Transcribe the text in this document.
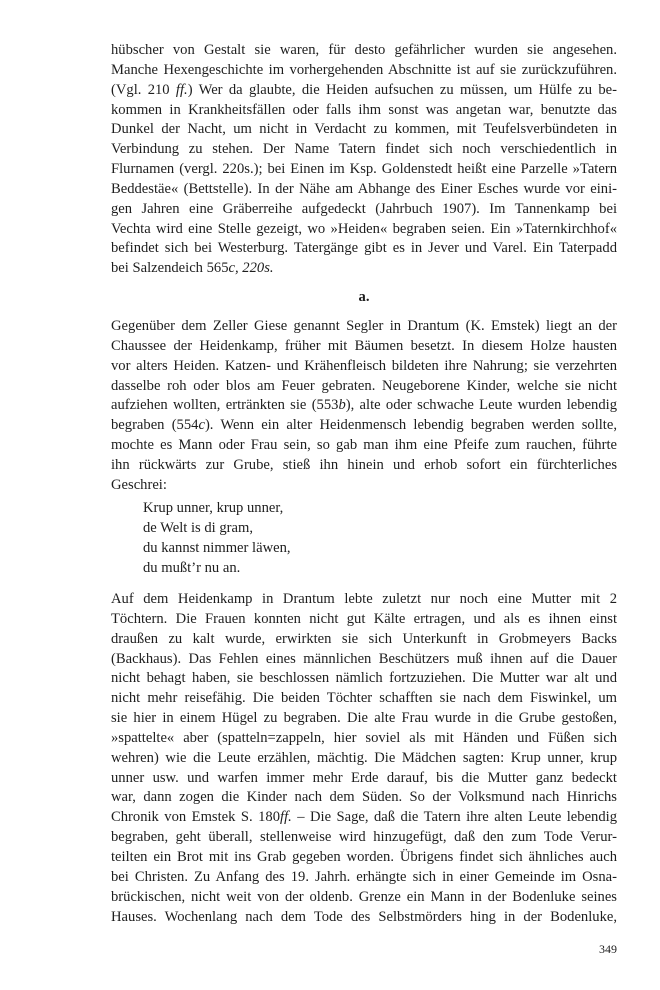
hübscher von Gestalt sie waren, für desto gefährlicher wurden sie angesehen.
Manche Hexengeschichte im vorhergehenden Abschnitte ist auf sie zurückzuführen.
(Vgl. 210 ff.) Wer da glaubte, die Heiden aufsuchen zu müssen, um Hülfe zu be-
kommen in Krankheitsfällen oder falls ihm sonst was angetan war, benutzte das
Dunkel der Nacht, um nicht in Verdacht zu kommen, mit Teufelsverbündeten in
Verbindung zu stehen. Der Name Tatern findet sich noch verschiedentlich in
Flurnamen (vergl. 220s.); bei Einen im Ksp. Goldenstedt heißt eine Parzelle »Tatern
Beddestäe« (Bettstelle). In der Nähe am Abhange des Einer Esches wurde vor eini-
gen Jahren eine Gräberreihe aufgedeckt (Jahrbuch 1907). Im Tannenkamp bei
Vechta wird eine Stelle gezeigt, wo »Heiden« begraben seien. Ein »Taternkirchhof«
befindet sich bei Westerburg. Tatergänge gibt es in Jever und Varel. Ein Taterpadd
bei Salzendeich 565c, 220s.
a.
Gegenüber dem Zeller Giese genannt Segler in Drantum (K. Emstek) liegt an der
Chaussee der Heidenkamp, früher mit Bäumen besetzt. In diesem Holze hausten
vor alters Heiden. Katzen- und Krähenfleisch bildeten ihre Nahrung; sie verzehrten
dasselbe roh oder blos am Feuer gebraten. Neugeborene Kinder, welche sie nicht
aufziehen wollten, ertränkten sie (553b), alte oder schwache Leute wurden lebendig
begraben (554c). Wenn ein alter Heidenmensch lebendig begraben werden sollte,
mochte es Mann oder Frau sein, so gab man ihm eine Pfeife zum rauchen, führte
ihn rückwärts zur Grube, stieß ihn hinein und erhob sofort ein fürchterliches
Geschrei:
Krup unner, krup unner,
de Welt is di gram,
du kannst nimmer läwen,
du mußt’r nu an.
Auf dem Heidenkamp in Drantum lebte zuletzt nur noch eine Mutter mit 2
Töchtern. Die Frauen konnten nicht gut Kälte ertragen, und als es ihnen einst
draußen zu kalt wurde, erwirkten sie sich Unterkunft in Grobmeyers Backs
(Backhaus). Das Fehlen eines männlichen Beschützers muß ihnen auf die Dauer
nicht behagt haben, sie beschlossen nämlich fortzuziehen. Die Mutter war alt und
nicht mehr reisefähig. Die beiden Töchter schafften sie nach dem Fiswinkel, um
sie hier in einem Hügel zu begraben. Die alte Frau wurde in die Grube gestoßen,
»spattelte« aber (spatteln=zappeln, hier soviel als mit Händen und Füßen sich
wehren) wie die Leute erzählen, mächtig. Die Mädchen sagten: Krup unner, krup
unner usw. und warfen immer mehr Erde darauf, bis die Mutter ganz bedeckt
war, dann zogen die Kinder nach dem Süden. So der Volksmund nach Hinrichs
Chronik von Emstek S. 180ff. – Die Sage, daß die Tatern ihre alten Leute lebendig
begraben, geht überall, stellenweise wird hinzugefügt, daß den zum Tode Verur-
teilten ein Brot mit ins Grab gegeben worden. Übrigens findet sich ähnliches auch
bei Christen. Zu Anfang des 19. Jahrh. erhängte sich in einer Gemeinde im Osna-
brückischen, nicht weit von der oldenb. Grenze ein Mann in der Bodenluke seines
Hauses. Wochenlang nach dem Tode des Selbstmörders hing in der Bodenluke,
349
